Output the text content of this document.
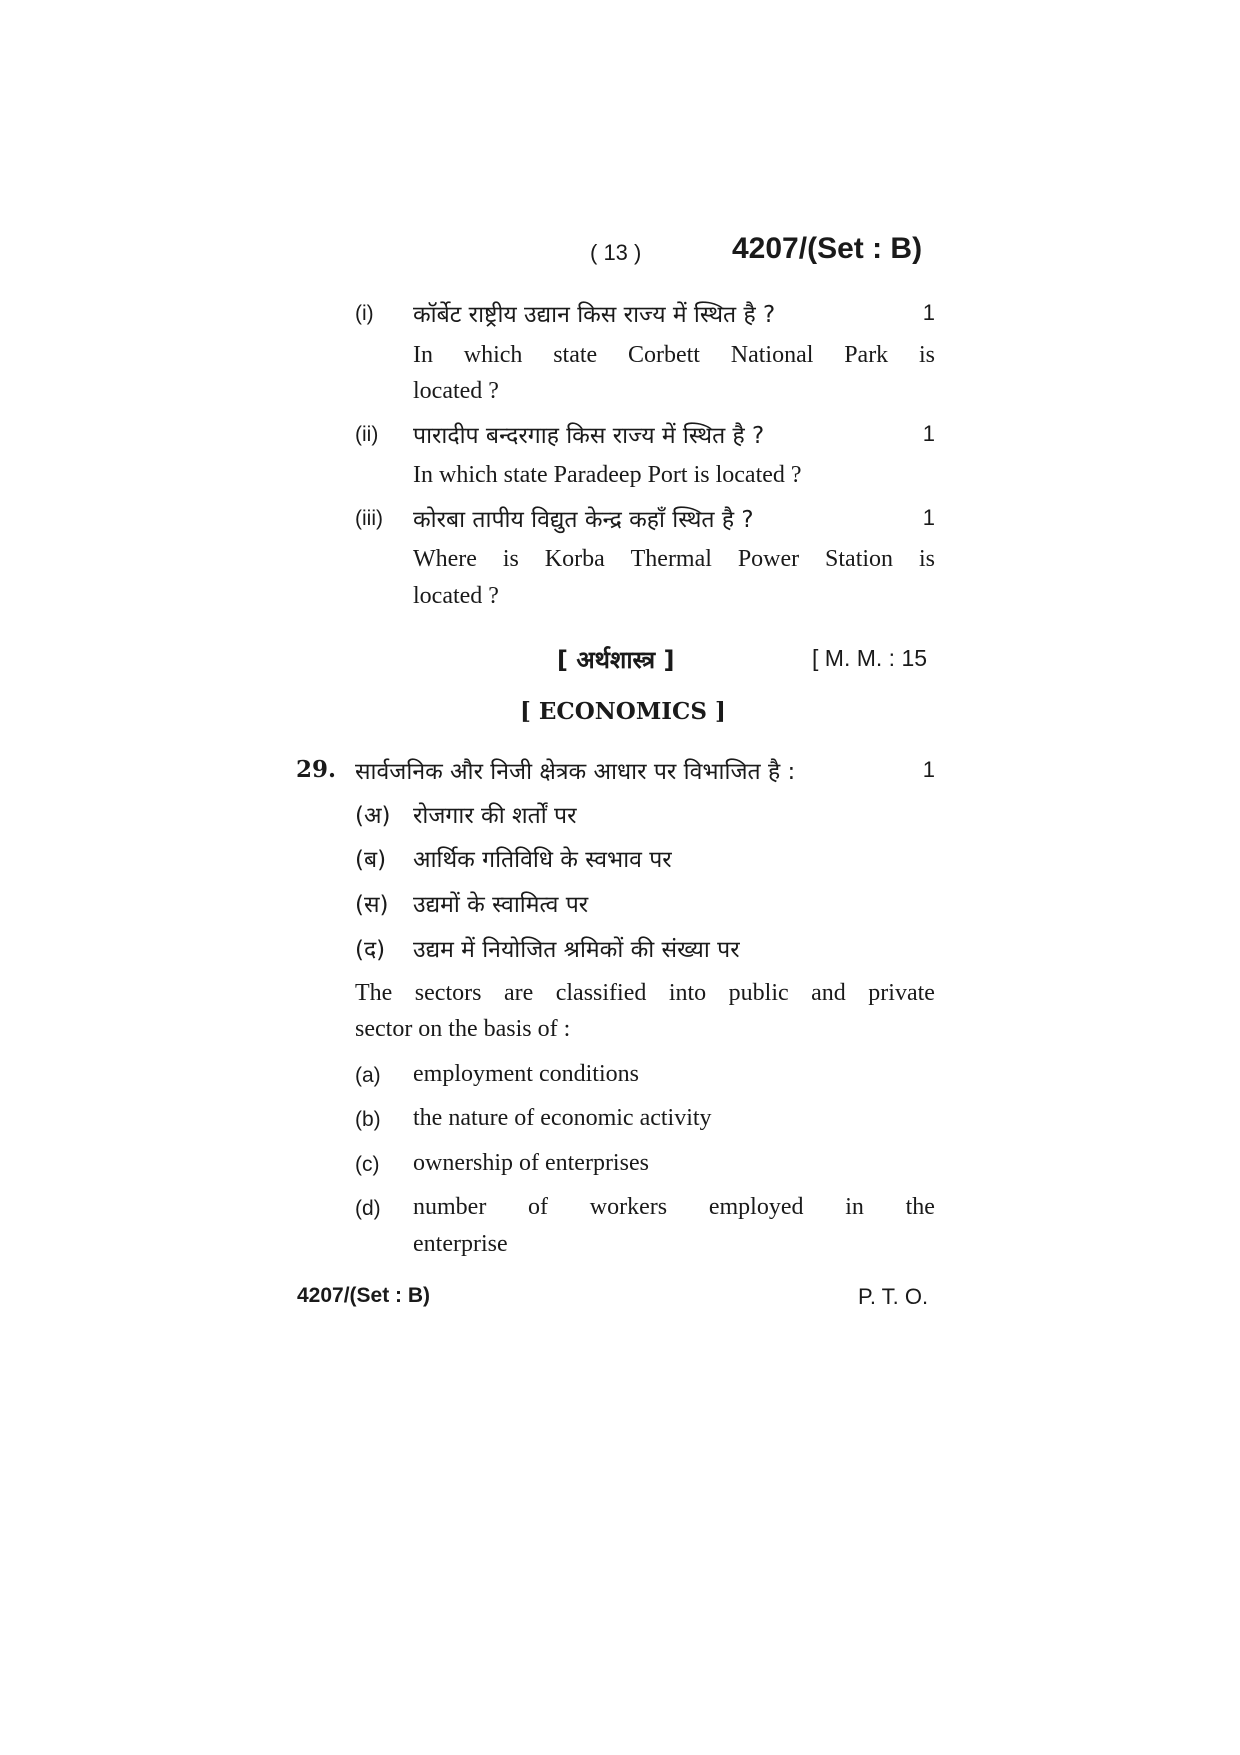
( 13 )	4207/(Set : B)
(i) कॉर्बेट राष्ट्रीय उद्यान किस राज्य में स्थित है ?	1
In which state Corbett National Park is
located ?
(ii) पारादीप बन्दरगाह किस राज्य में स्थित है ?	1
In which state Paradeep Port is located ?
(iii) कोरबा तापीय विद्युत केन्द्र कहाँ स्थित है ?	1
Where is Korba Thermal Power Station is
located ?
[ अर्थशास्त्र ]	[ M. M. : 15
[ ECONOMICS ]
29. सार्वजनिक और निजी क्षेत्रक आधार पर विभाजित है :	1
(अ) रोजगार की शर्तों पर
(ब) आर्थिक गतिविधि के स्वभाव पर
(स) उद्यमों के स्वामित्व पर
(द) उद्यम में नियोजित श्रमिकों की संख्या पर
The sectors are classified into public and private
sector on the basis of :
(a) employment conditions
(b) the nature of economic activity
(c) ownership of enterprises
(d) number of workers employed in the
enterprise
4207/(Set : B)	P. T. O.
